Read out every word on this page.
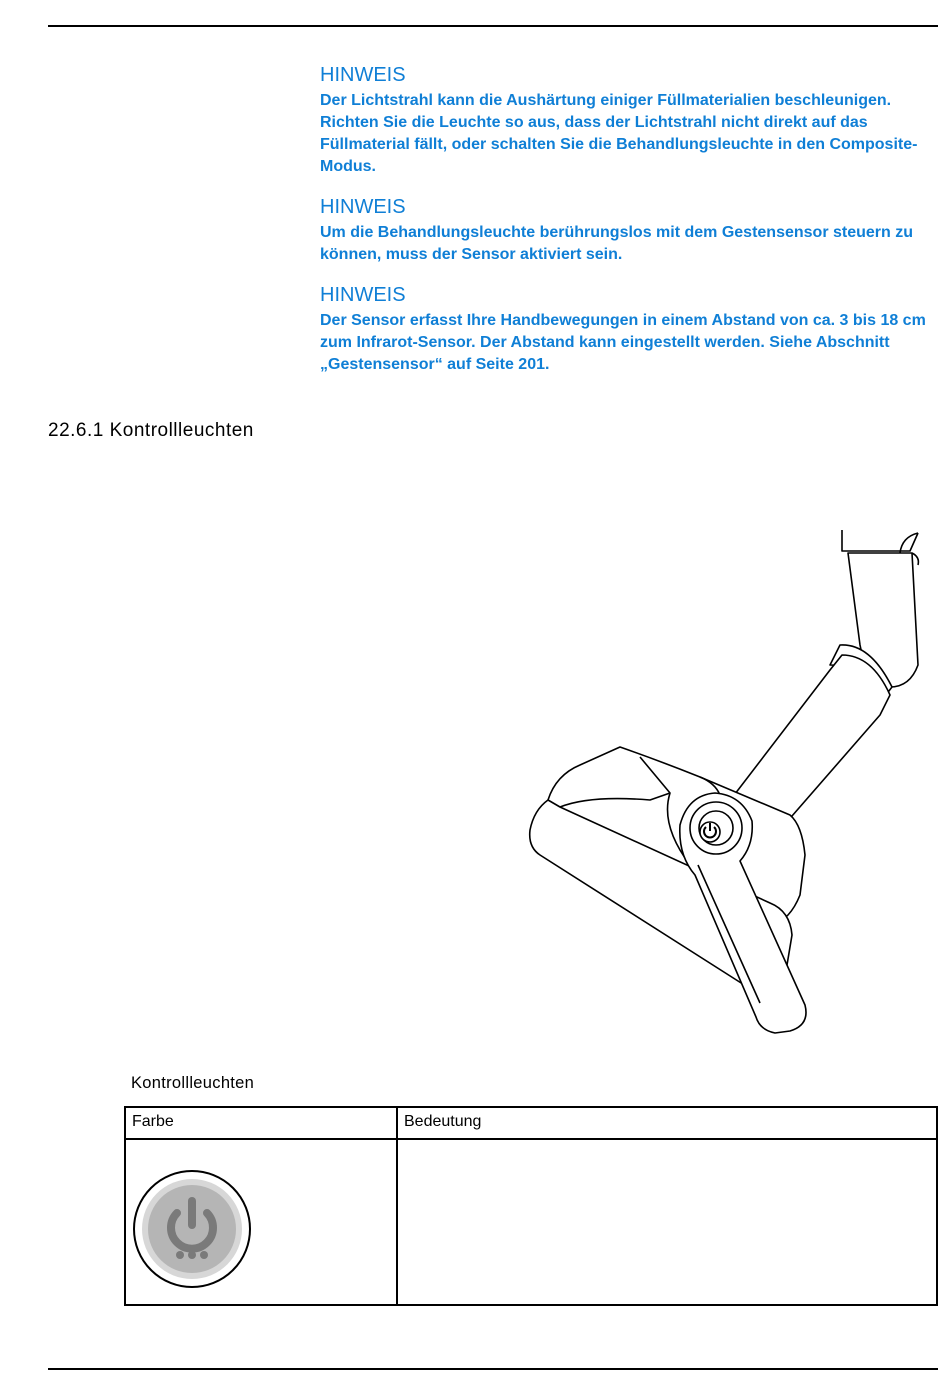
HINWEIS
Der Lichtstrahl kann die Aushärtung einiger Füllmaterialien beschleunigen. Richten Sie die Leuchte so aus, dass der Lichtstrahl nicht direkt auf das Füllmaterial fällt, oder schalten Sie die Behandlungsleuchte in den Composite-Modus.
HINWEIS
Um die Behandlungsleuchte berührungslos mit dem Gestensensor steuern zu können, muss der Sensor aktiviert sein.
HINWEIS
Der Sensor erfasst Ihre Handbewegungen in einem Abstand von ca. 3 bis 18 cm zum Infrarot-Sensor. Der Abstand kann eingestellt werden. Siehe Abschnitt „Gestensensor“ auf Seite 201.
22.6.1 Kontrollleuchten
Kontrollleuchten
Farbe	Bedeutung
